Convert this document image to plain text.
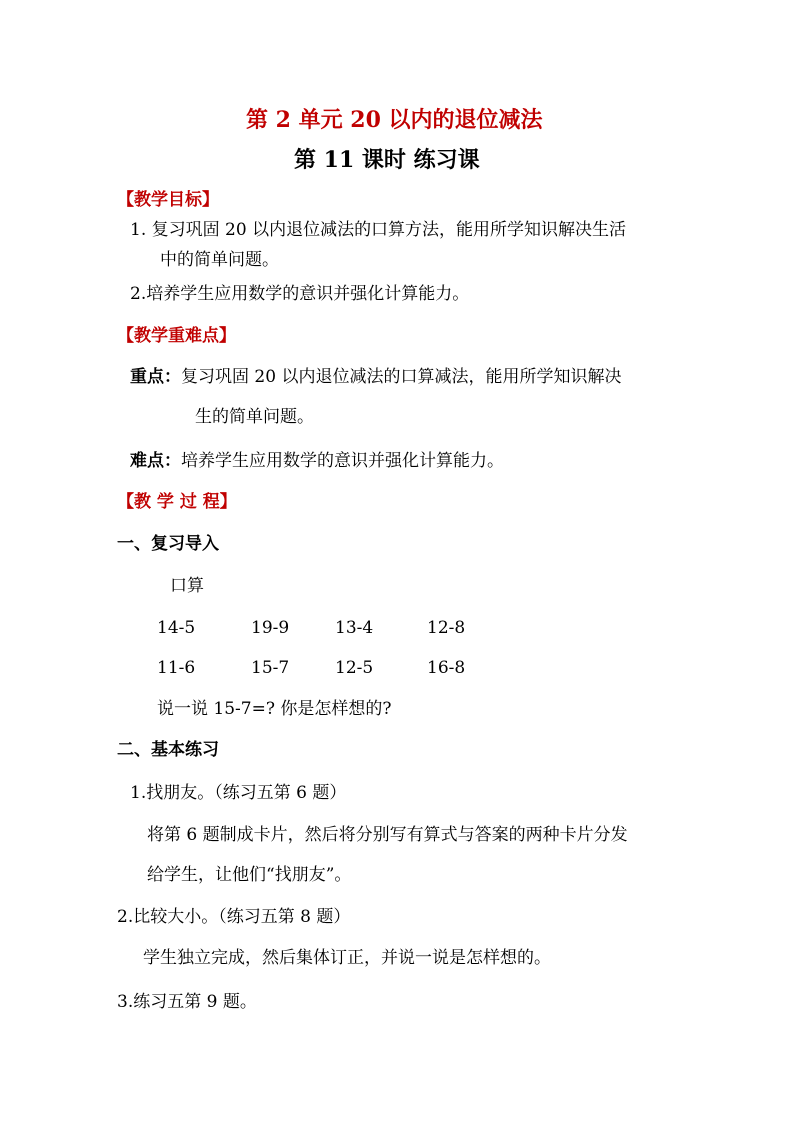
第 2 单元 20 以内的退位减法
第 11 课时 练习课
【教学目标】
1. 复习巩固 20 以内退位减法的口算方法，能用所学知识解决生活
中的简单问题。
2.培养学生应用数学的意识并强化计算能力。
【教学重难点】
重点：复习巩固 20 以内退位减法的口算减法，能用所学知识解决
生的简单问题。
难点：培养学生应用数学的意识并强化计算能力。
【教 学 过 程】
一、复习导入
口算
14-5	19-9	13-4	12-8
11-6	15-7	12-5	16-8
说一说 15-7=? 你是怎样想的?
二、基本练习
1.找朋友。（练习五第 6 题）
将第 6 题制成卡片，然后将分别写有算式与答案的两种卡片分发
给学生，让他们“找朋友”。
2.比较大小。（练习五第 8 题）
学生独立完成，然后集体订正，并说一说是怎样想的。
3.练习五第 9 题。
